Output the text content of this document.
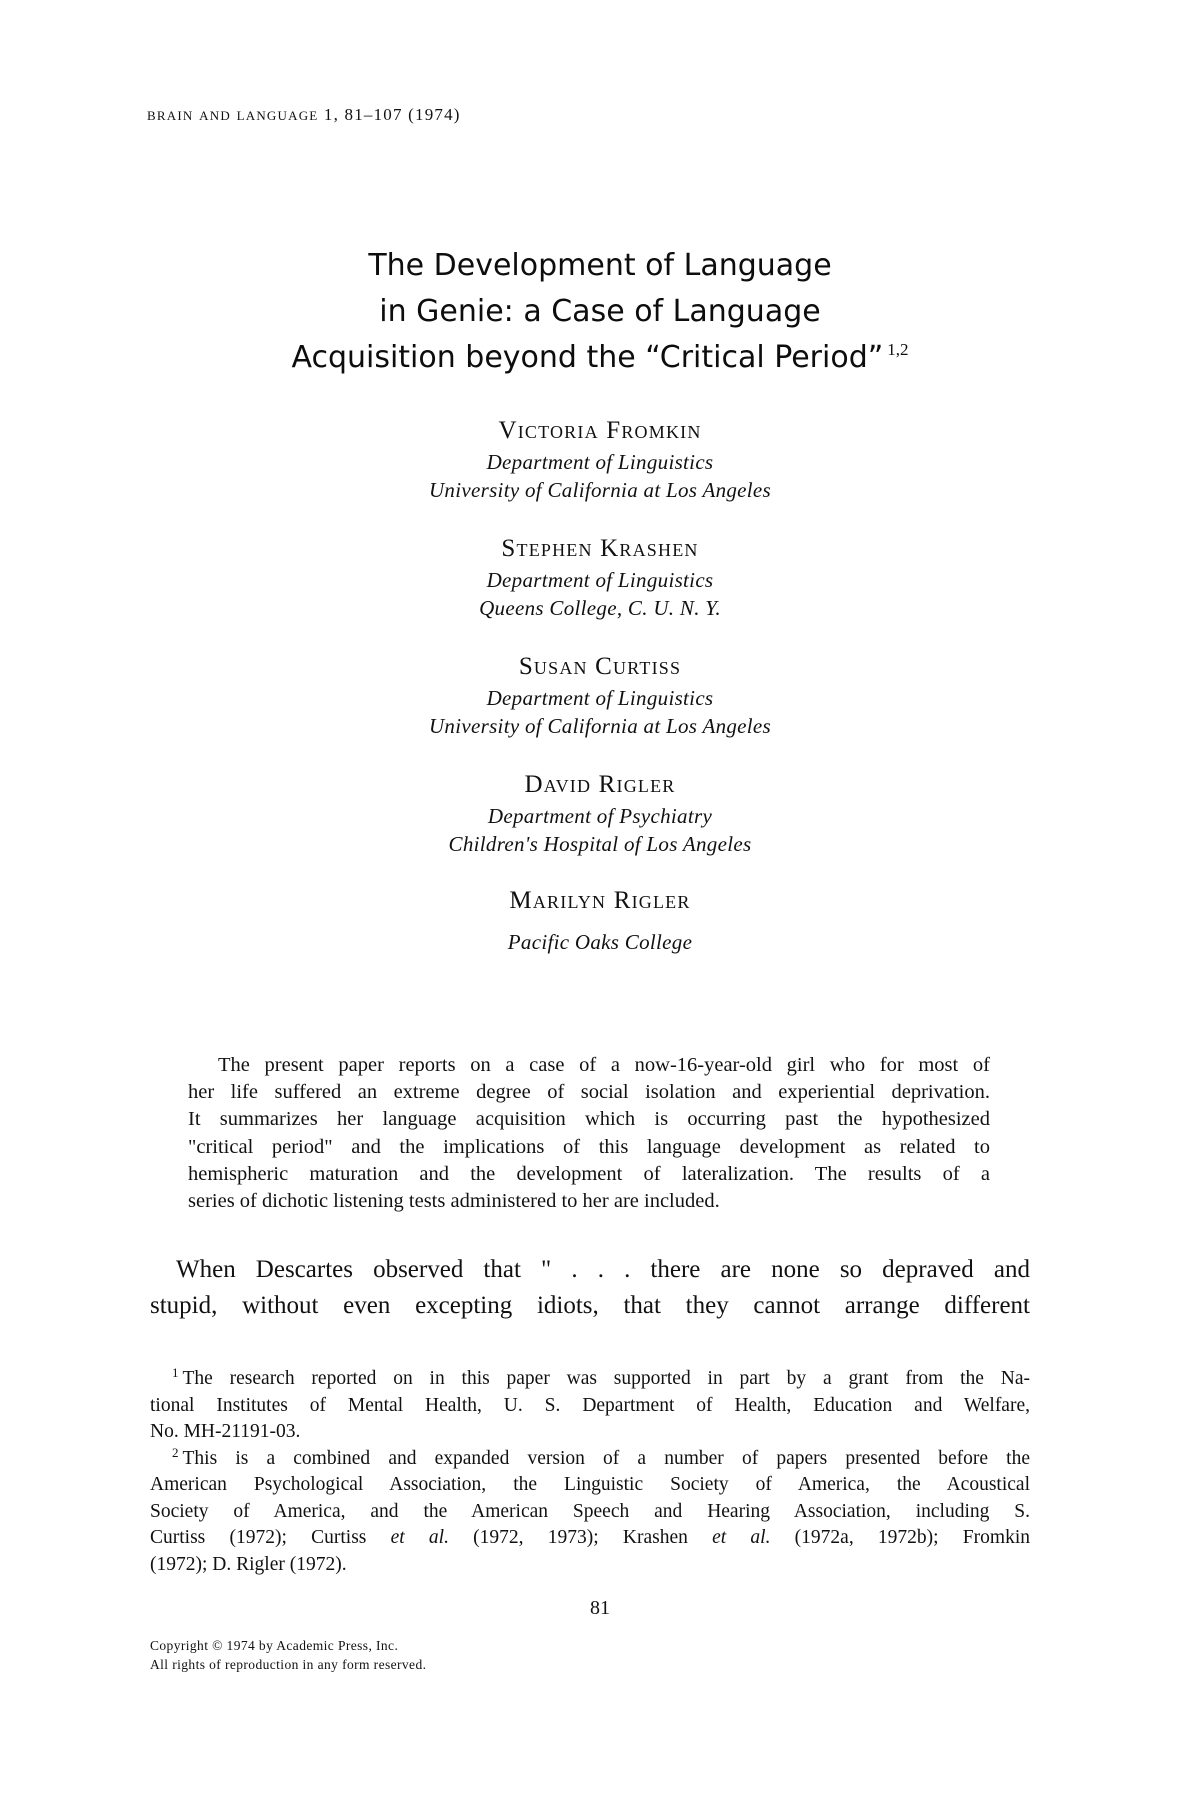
brain and language 1, 81–107 (1974)
The Development of Language
in Genie: a Case of Language
Acquisition beyond the “Critical Period” $^{1,2}$
Victoria Fromkin
Department of Linguistics
University of California at Los Angeles
Stephen Krashen
Department of Linguistics
Queens College, C. U. N. Y.
Susan Curtiss
Department of Linguistics
University of California at Los Angeles
David Rigler
Department of Psychiatry
Children's Hospital of Los Angeles
Marilyn Rigler
Pacific Oaks College
The present paper reports on a case of a now-16-year-old girl who for most of
her life suffered an extreme degree of social isolation and experiential deprivation.
It summarizes her language acquisition which is occurring past the hypothesized
"critical period" and the implications of this language development as related to
hemispheric maturation and the development of lateralization. The results of a
series of dichotic listening tests administered to her are included.
When Descartes observed that " . . . there are none so depraved and
stupid, without even excepting idiots, that they cannot arrange different
$^1$ The research reported on in this paper was supported in part by a grant from the Na-
tional Institutes of Mental Health, U. S. Department of Health, Education and Welfare,
No. MH-21191-03.
$^2$ This is a combined and expanded version of a number of papers presented before the
American Psychological Association, the Linguistic Society of America, the Acoustical
Society of America, and the American Speech and Hearing Association, including S.
Curtiss (1972); Curtiss et al. (1972, 1973); Krashen et al. (1972a, 1972b); Fromkin
(1972); D. Rigler (1972).
81
Copyright © 1974 by Academic Press, Inc.
All rights of reproduction in any form reserved.
